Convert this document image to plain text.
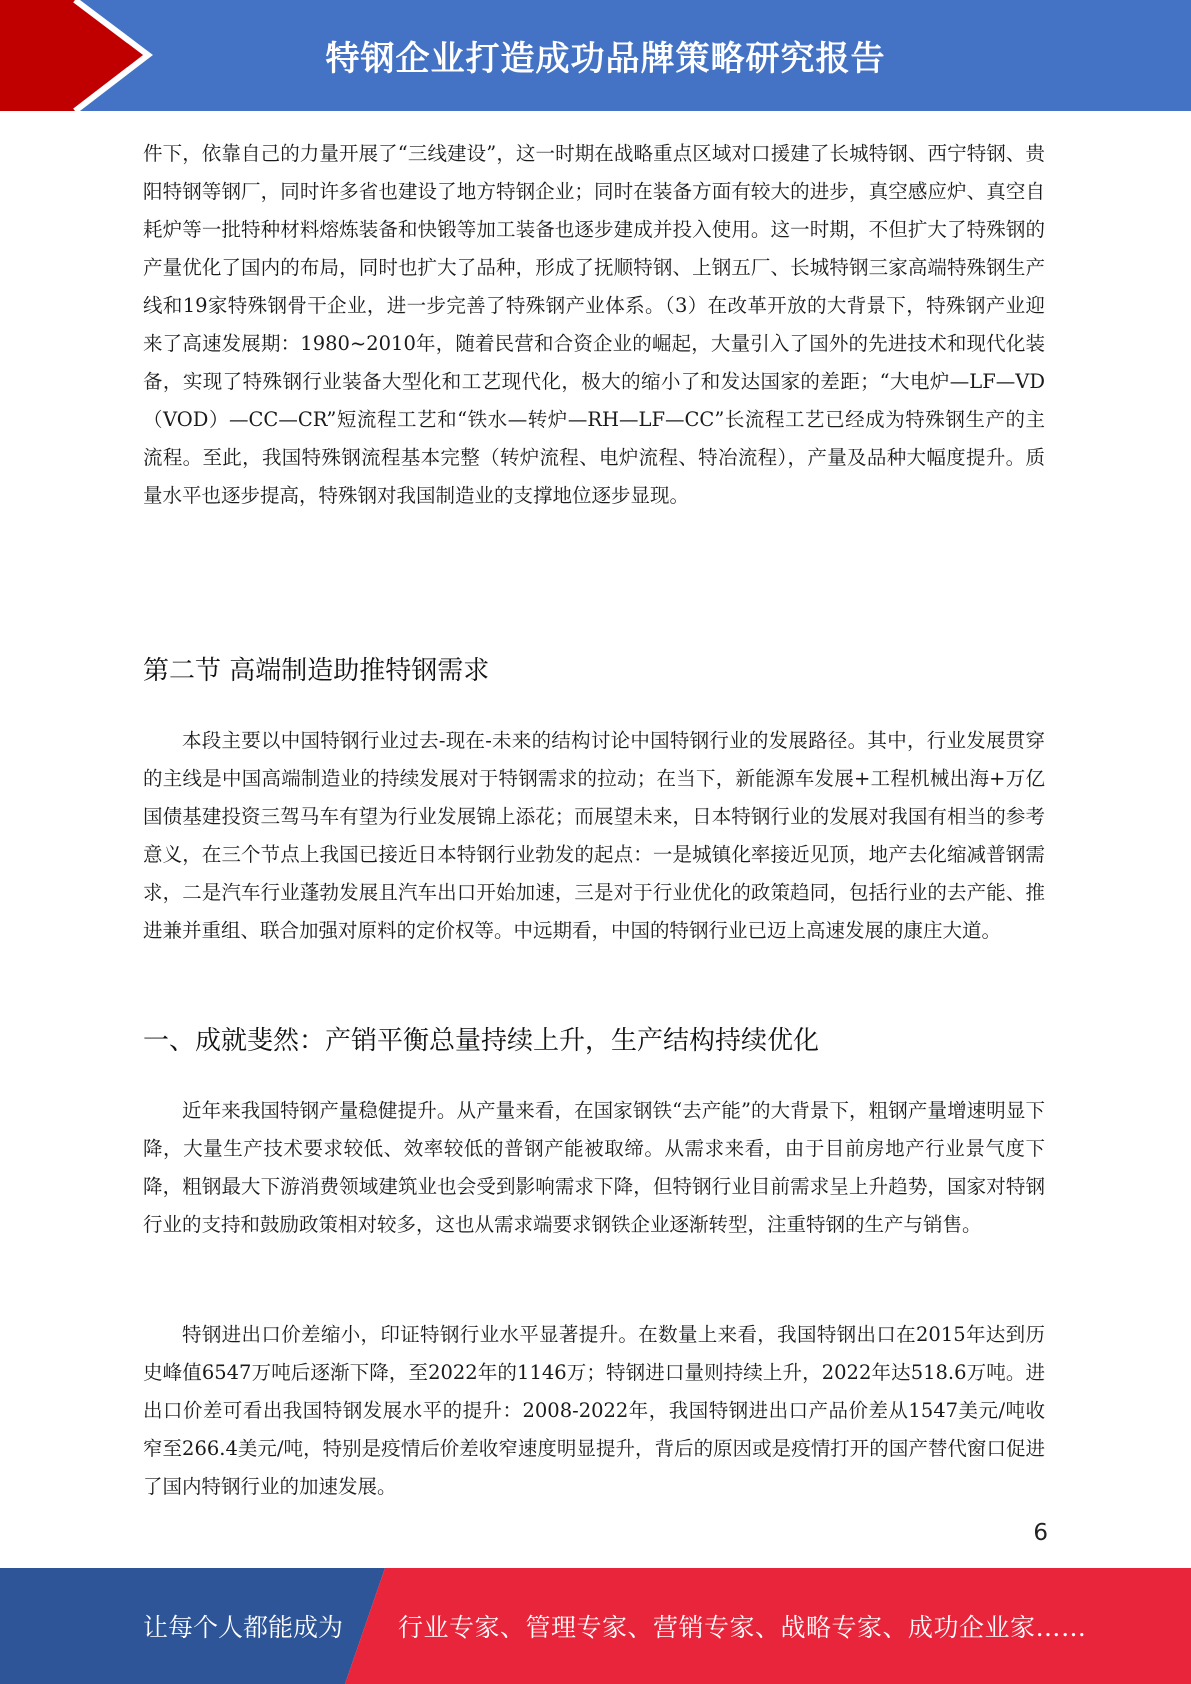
特钢企业打造成功品牌策略研究报告

件下，依靠自己的力量开展了“三线建设”，这一时期在战略重点区域对口援建了长城特钢、西宁特钢、贵阳特钢等钢厂，同时许多省也建设了地方特钢企业；同时在装备方面有较大的进步，真空感应炉、真空自耗炉等一批特种材料熔炼装备和快锻等加工装备也逐步建成并投入使用。这一时期，不但扩大了特殊钢的产量优化了国内的布局，同时也扩大了品种，形成了抚顺特钢、上钢五厂、长城特钢三家高端特殊钢生产线和19家特殊钢骨干企业，进一步完善了特殊钢产业体系。（3）在改革开放的大背景下，特殊钢产业迎来了高速发展期：1980~2010年，随着民营和合资企业的崛起，大量引入了国外的先进技术和现代化装备，实现了特殊钢行业装备大型化和工艺现代化，极大的缩小了和发达国家的差距；“大电炉—LF—VD（VOD）—CC—CR”短流程工艺和“铁水—转炉—RH—LF—CC”长流程工艺已经成为特殊钢生产的主流程。至此，我国特殊钢流程基本完整（转炉流程、电炉流程、特冶流程），产量及品种大幅度提升。质量水平也逐步提高，特殊钢对我国制造业的支撑地位逐步显现。

第二节 高端制造助推特钢需求

本段主要以中国特钢行业过去-现在-未来的结构讨论中国特钢行业的发展路径。其中，行业发展贯穿的主线是中国高端制造业的持续发展对于特钢需求的拉动；在当下，新能源车发展+工程机械出海+万亿国债基建投资三驾马车有望为行业发展锦上添花；而展望未来，日本特钢行业的发展对我国有相当的参考意义，在三个节点上我国已接近日本特钢行业勃发的起点：一是城镇化率接近见顶，地产去化缩减普钢需求，二是汽车行业蓬勃发展且汽车出口开始加速，三是对于行业优化的政策趋同，包括行业的去产能、推进兼并重组、联合加强对原料的定价权等。中远期看，中国的特钢行业已迈上高速发展的康庄大道。

一、成就斐然：产销平衡总量持续上升，生产结构持续优化

近年来我国特钢产量稳健提升。从产量来看，在国家钢铁“去产能”的大背景下，粗钢产量增速明显下降，大量生产技术要求较低、效率较低的普钢产能被取缔。从需求来看，由于目前房地产行业景气度下降，粗钢最大下游消费领域建筑业也会受到影响需求下降，但特钢行业目前需求呈上升趋势，国家对特钢行业的支持和鼓励政策相对较多，这也从需求端要求钢铁企业逐渐转型，注重特钢的生产与销售。

特钢进出口价差缩小，印证特钢行业水平显著提升。在数量上来看，我国特钢出口在2015年达到历史峰值6547万吨后逐渐下降，至2022年的1146万；特钢进口量则持续上升，2022年达518.6万吨。进出口价差可看出我国特钢发展水平的提升：2008-2022年，我国特钢进出口产品价差从1547美元/吨收窄至266.4美元/吨，特别是疫情后价差收窄速度明显提升，背后的原因或是疫情打开的国产替代窗口促进了国内特钢行业的加速发展。

6
让每个人都能成为 行业专家、管理专家、营销专家、战略专家、成功企业家……
